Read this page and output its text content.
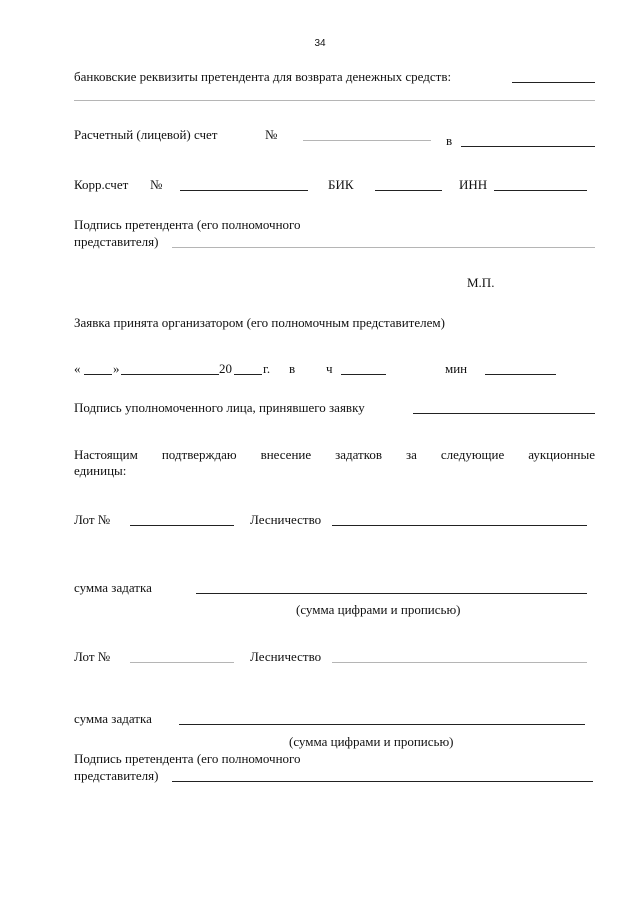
34
банковские реквизиты претендента для возврата денежных средств:
Расчетный (лицевой) счет	№	в
Корр.счет №	БИК	ИНН
Подпись претендента (его полномочного
представителя)
М.П.
Заявка принята организатором (его полномочным представителем)
«	»	20 г. в ч	мин
Подпись уполномоченного лица, принявшего заявку
Настоящим подтверждаю внесение задатков за следующие аукционные
единицы:
Лот №	Лесничество
сумма задатка
(сумма цифрами и прописью)
Лот №	Лесничество
сумма задатка
(сумма цифрами и прописью)
Подпись претендента (его полномочного
представителя)
